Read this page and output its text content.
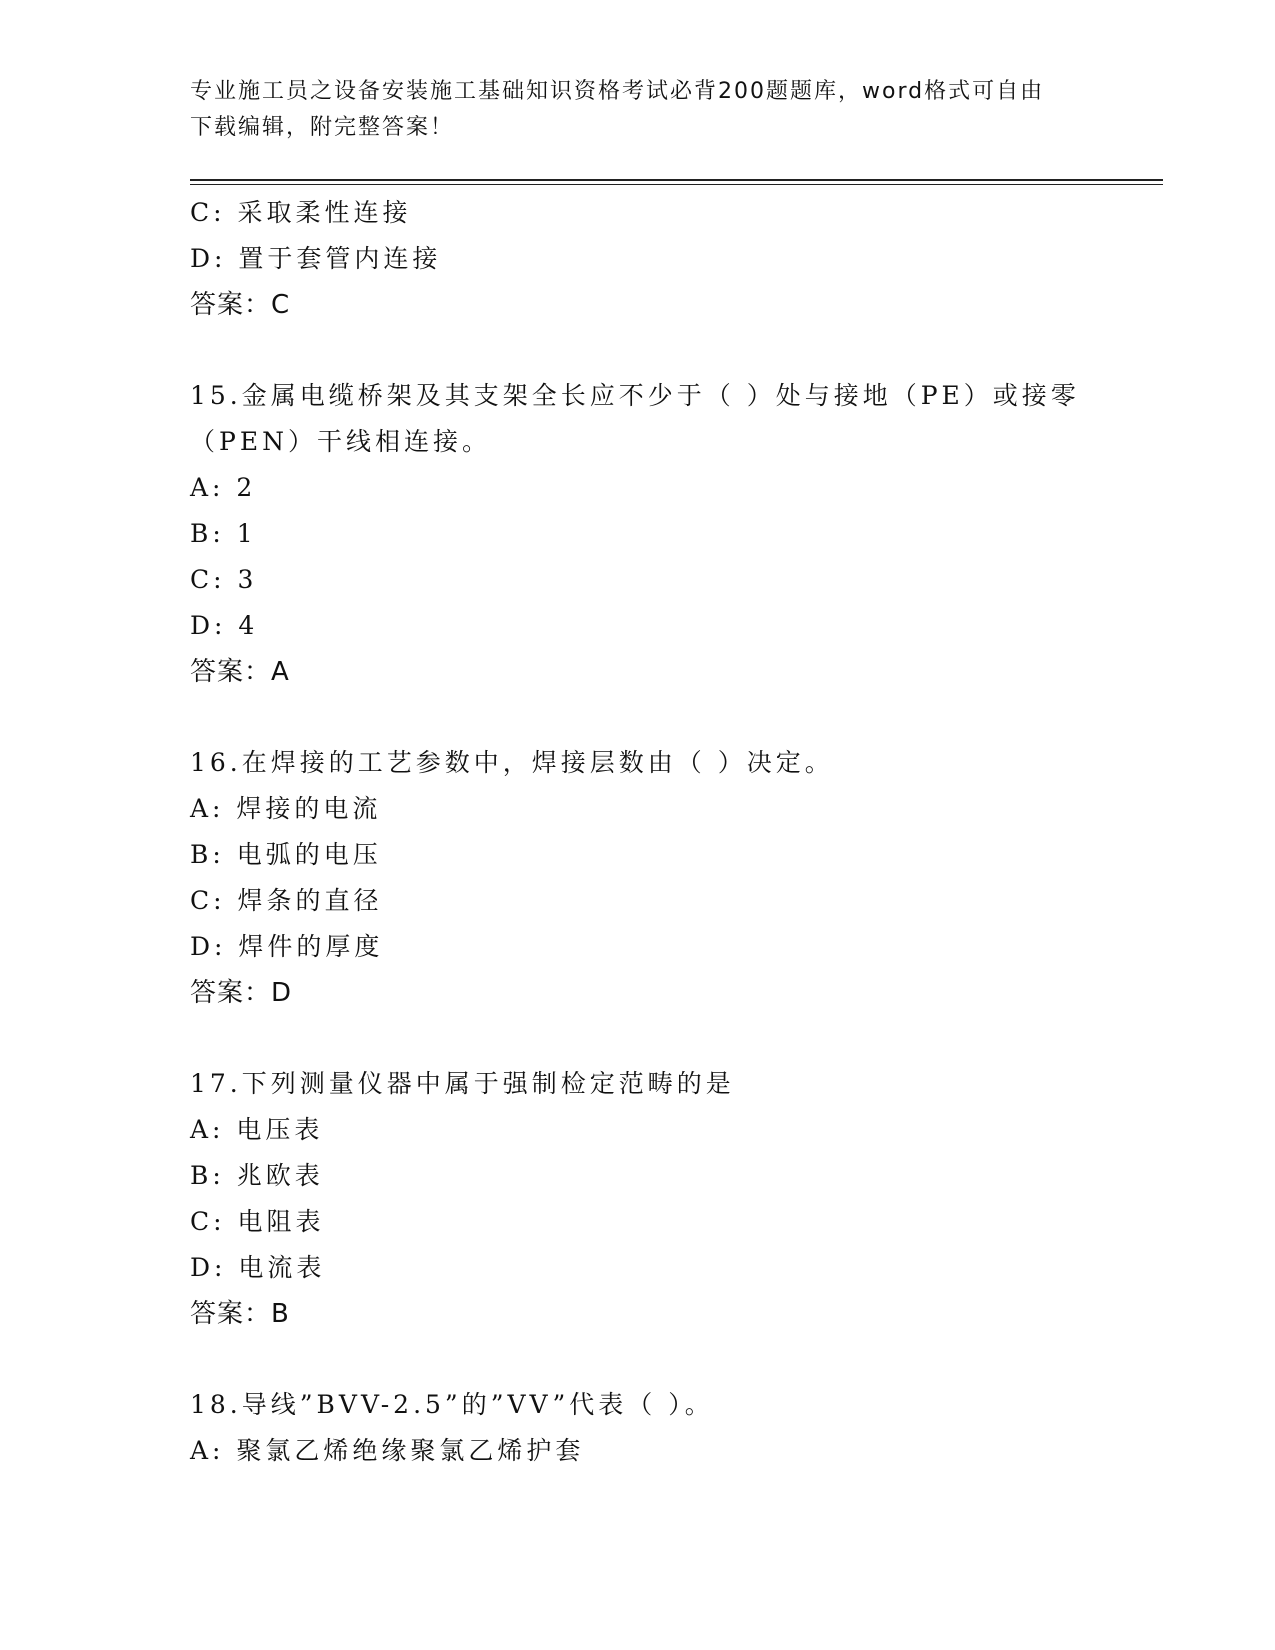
专业施工员之设备安装施工基础知识资格考试必背200题题库，word格式可自由
下载编辑，附完整答案！
C: 采取柔性连接
D: 置于套管内连接
答案：C
15.金属电缆桥架及其支架全长应不少于（ ）处与接地（PE）或接零
（PEN）干线相连接。
A: 2
B: 1
C: 3
D: 4
答案：A
16.在焊接的工艺参数中，焊接层数由（ ）决定。
A: 焊接的电流
B: 电弧的电压
C: 焊条的直径
D: 焊件的厚度
答案：D
17.下列测量仪器中属于强制检定范畴的是
A: 电压表
B: 兆欧表
C: 电阻表
D: 电流表
答案：B
18.导线”BVV-2.5”的”VV”代表（ ）。
A: 聚氯乙烯绝缘聚氯乙烯护套
